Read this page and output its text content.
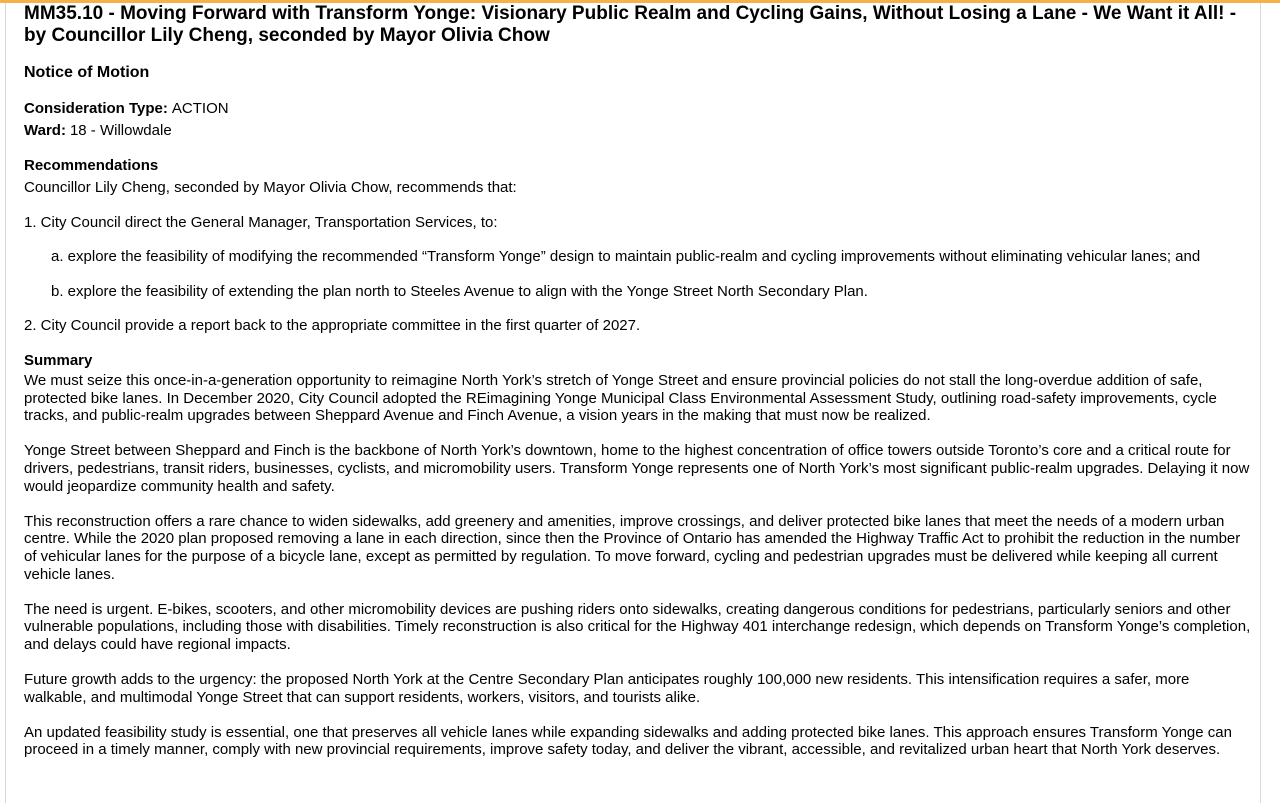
MM35.10 - Moving Forward with Transform Yonge: Visionary Public Realm and Cycling Gains, Without Losing a Lane - We Want it All! - by Councillor Lily Cheng, seconded by Mayor Olivia Chow
Notice of Motion
Consideration Type: ACTION
Ward: 18 - Willowdale
Recommendations

Councillor Lily Cheng, seconded by Mayor Olivia Chow, recommends that:

1. City Council direct the General Manager, Transportation Services, to:

a. explore the feasibility of modifying the recommended “Transform Yonge” design to maintain public-realm and cycling improvements without eliminating vehicular lanes; and

b. explore the feasibility of extending the plan north to Steeles Avenue to align with the Yonge Street North Secondary Plan.

2. City Council provide a report back to the appropriate committee in the first quarter of 2027.

Summary

We must seize this once-in-a-generation opportunity to reimagine North York’s stretch of Yonge Street and ensure provincial policies do not stall the long-overdue addition of safe, protected bike lanes. In December 2020, City Council adopted the REimagining Yonge Municipal Class Environmental Assessment Study, outlining road-safety improvements, cycle tracks, and public-realm upgrades between Sheppard Avenue and Finch Avenue, a vision years in the making that must now be realized.

Yonge Street between Sheppard and Finch is the backbone of North York’s downtown, home to the highest concentration of office towers outside Toronto’s core and a critical route for drivers, pedestrians, transit riders, businesses, cyclists, and micromobility users. Transform Yonge represents one of North York’s most significant public-realm upgrades. Delaying it now would jeopardize community health and safety.

This reconstruction offers a rare chance to widen sidewalks, add greenery and amenities, improve crossings, and deliver protected bike lanes that meet the needs of a modern urban centre. While the 2020 plan proposed removing a lane in each direction, since then the Province of Ontario has amended the Highway Traffic Act to prohibit the reduction in the number of vehicular lanes for the purpose of a bicycle lane, except as permitted by regulation. To move forward, cycling and pedestrian upgrades must be delivered while keeping all current vehicle lanes.

The need is urgent. E-bikes, scooters, and other micromobility devices are pushing riders onto sidewalks, creating dangerous conditions for pedestrians, particularly seniors and other vulnerable populations, including those with disabilities. Timely reconstruction is also critical for the Highway 401 interchange redesign, which depends on Transform Yonge’s completion, and delays could have regional impacts.

Future growth adds to the urgency: the proposed North York at the Centre Secondary Plan anticipates roughly 100,000 new residents. This intensification requires a safer, more walkable, and multimodal Yonge Street that can support residents, workers, visitors, and tourists alike.

An updated feasibility study is essential, one that preserves all vehicle lanes while expanding sidewalks and adding protected bike lanes. This approach ensures Transform Yonge can proceed in a timely manner, comply with new provincial requirements, improve safety today, and deliver the vibrant, accessible, and revitalized urban heart that North York deserves.
